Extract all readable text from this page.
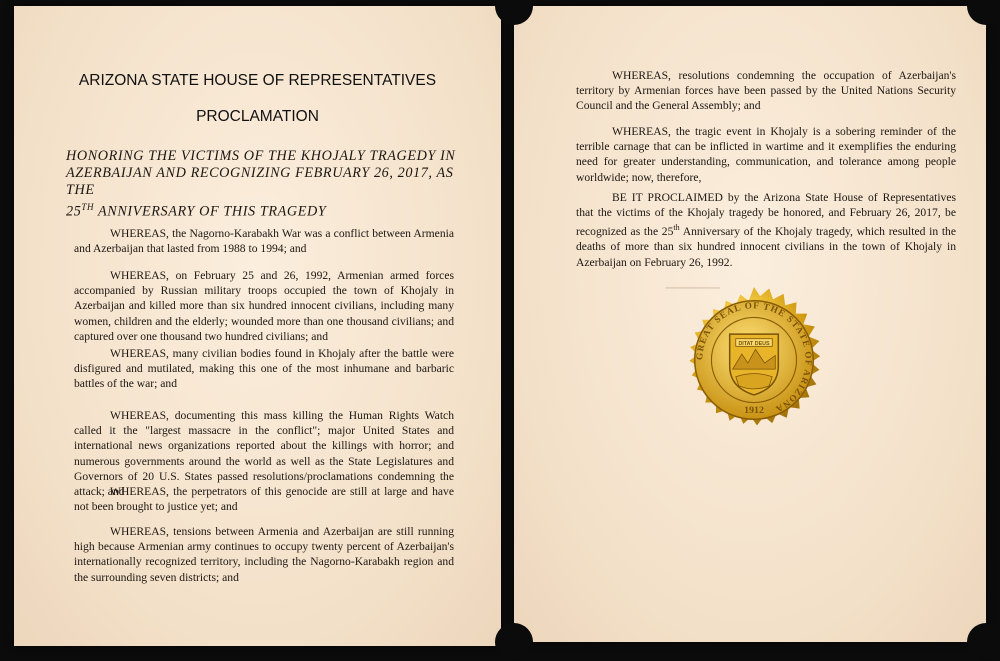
ARIZONA STATE HOUSE OF REPRESENTATIVES
PROCLAMATION
HONORING THE VICTIMS OF THE KHOJALY TRAGEDY IN
AZERBAIJAN AND RECOGNIZING FEBRUARY 26, 2017, AS THE
25TH ANNIVERSARY OF THIS TRAGEDY
WHEREAS, the Nagorno-Karabakh War was a conflict between Armenia and Azerbaijan that lasted from 1988 to 1994; and
WHEREAS, on February 25 and 26, 1992, Armenian armed forces accompanied by Russian military troops occupied the town of Khojaly in Azerbaijan and killed more than six hundred innocent civilians, including many women, children and the elderly; wounded more than one thousand civilians; and captured over one thousand two hundred civilians; and
WHEREAS, many civilian bodies found in Khojaly after the battle were disfigured and mutilated, making this one of the most inhumane and barbaric battles of the war; and
WHEREAS, documenting this mass killing the Human Rights Watch called it the "largest massacre in the conflict"; major United States and international news organizations reported about the killings with horror; and numerous governments around the world as well as the State Legislatures and Governors of 20 U.S. States passed resolutions/proclamations condemning the attack; and
WHEREAS, the perpetrators of this genocide are still at large and have not been brought to justice yet; and
WHEREAS, tensions between Armenia and Azerbaijan are still running high because Armenian army continues to occupy twenty percent of Azerbaijan's internationally recognized territory, including the Nagorno-Karabakh region and the surrounding seven districts; and
WHEREAS, resolutions condemning the occupation of Azerbaijan's territory by Armenian forces have been passed by the United Nations Security Council and the General Assembly; and
WHEREAS, the tragic event in Khojaly is a sobering reminder of the terrible carnage that can be inflicted in wartime and it exemplifies the enduring need for greater understanding, communication, and tolerance among people worldwide; now, therefore,
BE IT PROCLAIMED by the Arizona State House of Representatives that the victims of the Khojaly tragedy be honored, and February 26, 2017, be recognized as the 25th Anniversary of the Khojaly tragedy, which resulted in the deaths of more than six hundred innocent civilians in the town of Khojaly in Azerbaijan on February 26, 1992.
⸺
GREAT SEAL OF THE STATE OF ARIZONA
DITAT DEUS
1912
